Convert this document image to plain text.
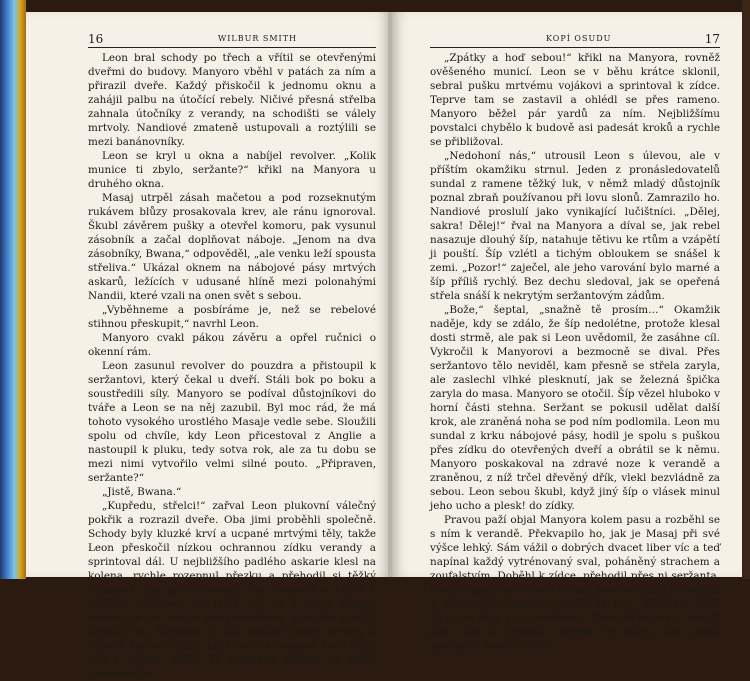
16	WILBUR SMITH

Leon bral schody po třech a vřítil se otevřenými dveřmi do budovy. Manyoro vběhl v patách za ním a přirazil dveře. Každý přiskočil k jednomu oknu a zahájil palbu na útočící rebely. Ničivé přesná střelba zahnala útočníky z verandy, na schodišti se válely mrtvoly. Nandiové zmateně ustupovali a roztýlili se mezi banánovníky.

Leon se kryl u okna a nabíjel revolver. „Kolik munice ti zbylo, seržante?“ křikl na Manyora u druhého okna.

Masaj utrpěl zásah mačetou a pod rozseknutým rukávem blůzy prosakovala krev, ale ránu ignoroval. Škubl závěrem pušky a otevřel komoru, pak vysunul zásobník a začal doplňovat náboje. „Jenom na dva zásobníky, Bwana,“ odpověděl, „ale venku leží spousta střeliva.“ Ukázal oknem na nábojové pásy mrtvých askarů, ležících v udusané hlíně mezi polonahými Nandii, které vzali na onen svět s sebou.

„Vyběhneme a posbíráme je, než se rebelové stihnou přeskupit,“ navrhl Leon.

Manyoro cvakl pákou závěru a opřel ručnici o okenní rám.

Leon zasunul revolver do pouzdra a přistoupil k seržantovi, který čekal u dveří. Stáli bok po boku a soustředili síly. Manyoro se podíval důstojníkovi do tváře a Leon se na něj zazubil. Byl moc rád, že má tohoto vysokého urostlého Masaje vedle sebe. Sloužili spolu od chvíle, kdy Leon přicestoval z Anglie a nastoupil k pluku, tedy sotva rok, ale za tu dobu se mezi nimi vytvořilo velmi silné pouto. „Připraven, seržante?“

„Jistě, Bwana.“

„Kupředu, střelci!“ zařval Leon plukovní válečný pokřik a rozrazil dveře. Oba jimi proběhli společně. Schody byly kluzké krví a ucpané mrtvými těly, takže Leon přeskočil nízkou ochrannou zídku verandy a sprintoval dál. U nejbližšího padlého askarie klesl na kolena, rychle rozepnul přezku a přehodil si těžký nábojový pás přes rameno. Pak vyskočil a běžel k dalšímu vojákovi, ale ještě než se k němu dostal, rozlehl se od okraje banánovníkové plantáže hlasitý vztekly řev. Nevšímal si ho, poklekl vedle mrtvoly a vzhlédl teprve tehdy, když mu na ramené visel další pás s náboji. Viděl, že povstalci vbíhají na volné prostranství.

KOPÍ OSUDU	17

„Zpátky a hoď sebou!“ křikl na Manyora, rovněž ověšeného municí. Leon se v běhu krátce sklonil, sebral pušku mrtvému vojákovi a sprintoval k zídce. Teprve tam se zastavil a ohlédl se přes rameno. Manyoro běžel pár yardů za ním. Nejbližšímu povstalci chybělo k budově asi padesát kroků a rychle se přibližoval.

„Nedohoní nás,“ utrousil Leon s úlevou, ale v příštím okamžiku strnul. Jeden z pronásledovatelů sundal z ramene těžký luk, v němž mladý důstojník poznal zbraň používanou při lovu slonů. Zamrazilo ho. Nandiové proslulí jako vynikající lučištníci. „Dělej, sakra! Dělej!“ řval na Manyora a díval se, jak rebel nasazuje dlouhý šíp, natahuje tětivu ke rtům a vzápětí ji pouští. Šíp vzlétl a tichým obloukem se snášel k zemi. „Pozor!“ zaječel, ale jeho varování bylo marné a šíp příliš rychlý. Bez dechu sledoval, jak se opeřená střela snáší k nekrytým seržantovým zádům.

„Bože,“ šeptal, „snažně tě prosím…“ Okamžik naděje, kdy se zdálo, že šíp nedolétne, protože klesal dosti strmě, ale pak si Leon uvědomil, že zasáhne cíl. Vykročil k Manyorovi a bezmocně se dival. Přes seržantovo tělo neviděl, kam přesně se střela zaryla, ale zaslechl vlhké plesknutí, jak se železná špička zaryla do masa. Manyoro se otočil. Šíp vězel hluboko v horní části stehna. Seržant se pokusil udělat další krok, ale zraněná noha se pod ním podlomila. Leon mu sundal z krku nábojové pásy, hodil je spolu s puškou přes zídku do otevřených dveří a obrátil se k němu. Manyoro poskakoval na zdravé noze k verandě a zraněnou, z níž trčel dřevěný dřík, vlekl bezvládně za sebou. Leon sebou škubl, když jiný šíp o vlásek minul jeho ucho a plesk! do zídky.

Pravou paží objal Manyora kolem pasu a rozběhl se s ním k verandě. Překvapilo ho, jak je Masaj při své výšce lehký. Sám vážil o dobrých dvacet liber víc a teď napínal každý vytrénovaný sval, poháněný strachem a zoufalstvím. Doběhl k zídce, přehodil přes ni seržanta, který dopadl na druhou stranu jako beztvará hrouda, a s mohutným odrazem skočil za ním. Přilétaly další šípy, ale těch si už nevšímal. Zvedl Manyora v náručí jako dítě a proběhl dveřmi ve chvíli, kdy první povstalec dosáhl zídky.
